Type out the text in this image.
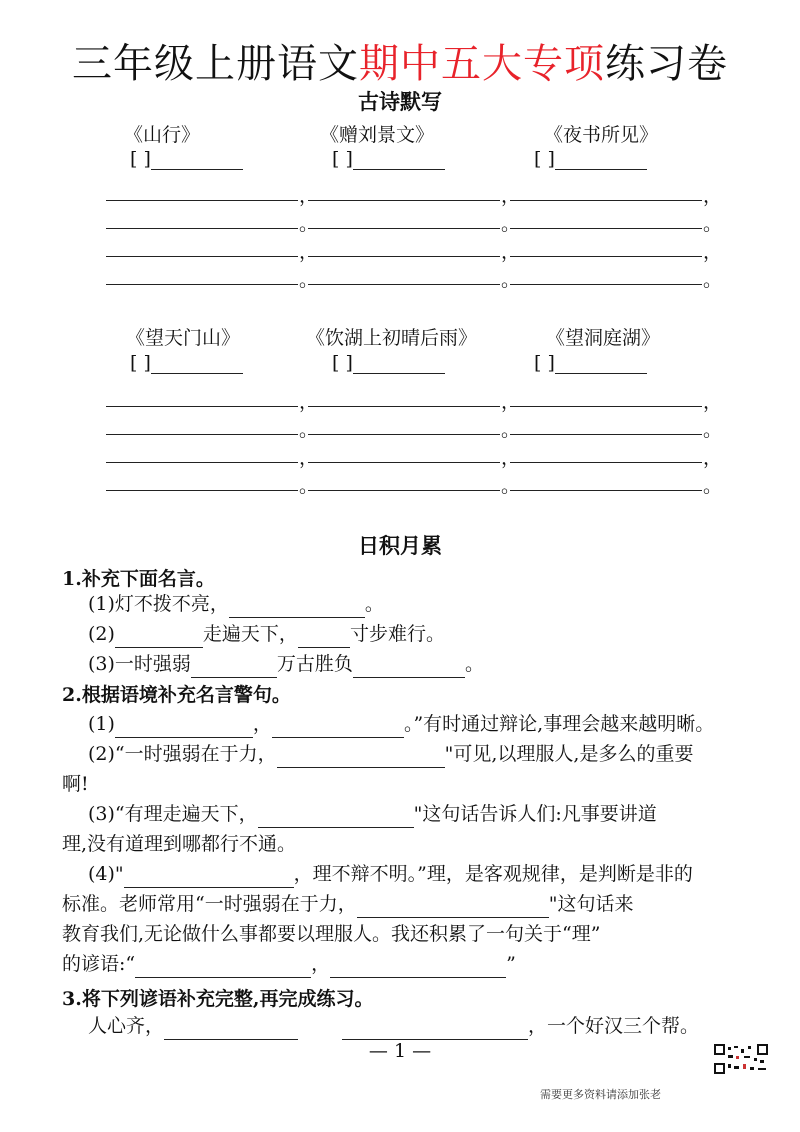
三年级上册语文期中五大专项练习卷
古诗默写
《山行》	《赠刘景文》	《夜书所见》
[ ]	[ ]	[ ]
，	，	，
。	。	。
，	，	，
。	。	。
《望天门山》	《饮湖上初晴后雨》	《望洞庭湖》
[ ]	[ ]	[ ]
，	，	，
。	。	。
，	，	，
。	。	。
日积月累
1.补充下面名言。
(1)灯不拨不亮，	。
(2)	走遍天下，	寸步难行。
(3)一时强弱	万古胜负	。
2.根据语境补充名言警句。
(1)	，	。”有时通过辩论,事理会越来越明晰。
(2)“一时强弱在于力，	"可见,以理服人,是多么的重要
啊!
(3)“有理走遍天下，	"这句话告诉人们:凡事要讲道
理,没有道理到哪都行不通。
(4)"	，理不辩不明。”理，是客观规律，是判断是非的
标准。老师常用“一时强弱在于力，	"这句话来
教育我们,无论做什么事都要以理服人。我还积累了一句关于“理”
的谚语:“	，	”
3.将下列谚语补充完整,再完成练习。
人心齐，	，一个好汉三个帮。
— 1 —
需要更多资料请添加张老
